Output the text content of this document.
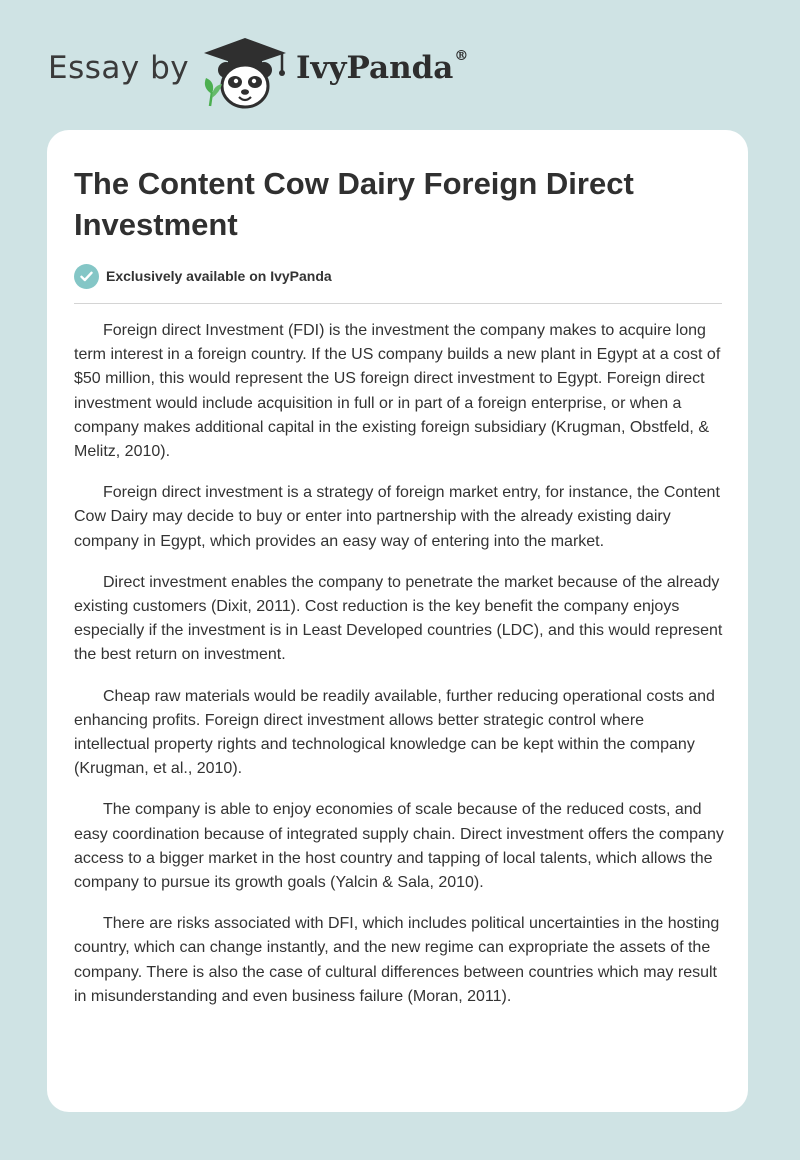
Essay by	IvyPanda®
The Content Cow Dairy Foreign Direct Investment
Exclusively available on IvyPanda

Foreign direct Investment (FDI) is the investment the company makes to acquire long term interest in a foreign country. If the US company builds a new plant in Egypt at a cost of $50 million, this would represent the US foreign direct investment to Egypt. Foreign direct investment would include acquisition in full or in part of a foreign enterprise, or when a company makes additional capital in the existing foreign subsidiary (Krugman, Obstfeld, & Melitz, 2010).

Foreign direct investment is a strategy of foreign market entry, for instance, the Content Cow Dairy may decide to buy or enter into partnership with the already existing dairy company in Egypt, which provides an easy way of entering into the market.

Direct investment enables the company to penetrate the market because of the already existing customers (Dixit, 2011). Cost reduction is the key benefit the company enjoys especially if the investment is in Least Developed countries (LDC), and this would represent the best return on investment.

Cheap raw materials would be readily available, further reducing operational costs and enhancing profits. Foreign direct investment allows better strategic control where intellectual property rights and technological knowledge can be kept within the company (Krugman, et al., 2010).

The company is able to enjoy economies of scale because of the reduced costs, and easy coordination because of integrated supply chain. Direct investment offers the company access to a bigger market in the host country and tapping of local talents, which allows the company to pursue its growth goals (Yalcin & Sala, 2010).

There are risks associated with DFI, which includes political uncertainties in the hosting country, which can change instantly, and the new regime can expropriate the assets of the company. There is also the case of cultural differences between countries which may result in misunderstanding and even business failure (Moran, 2011).
